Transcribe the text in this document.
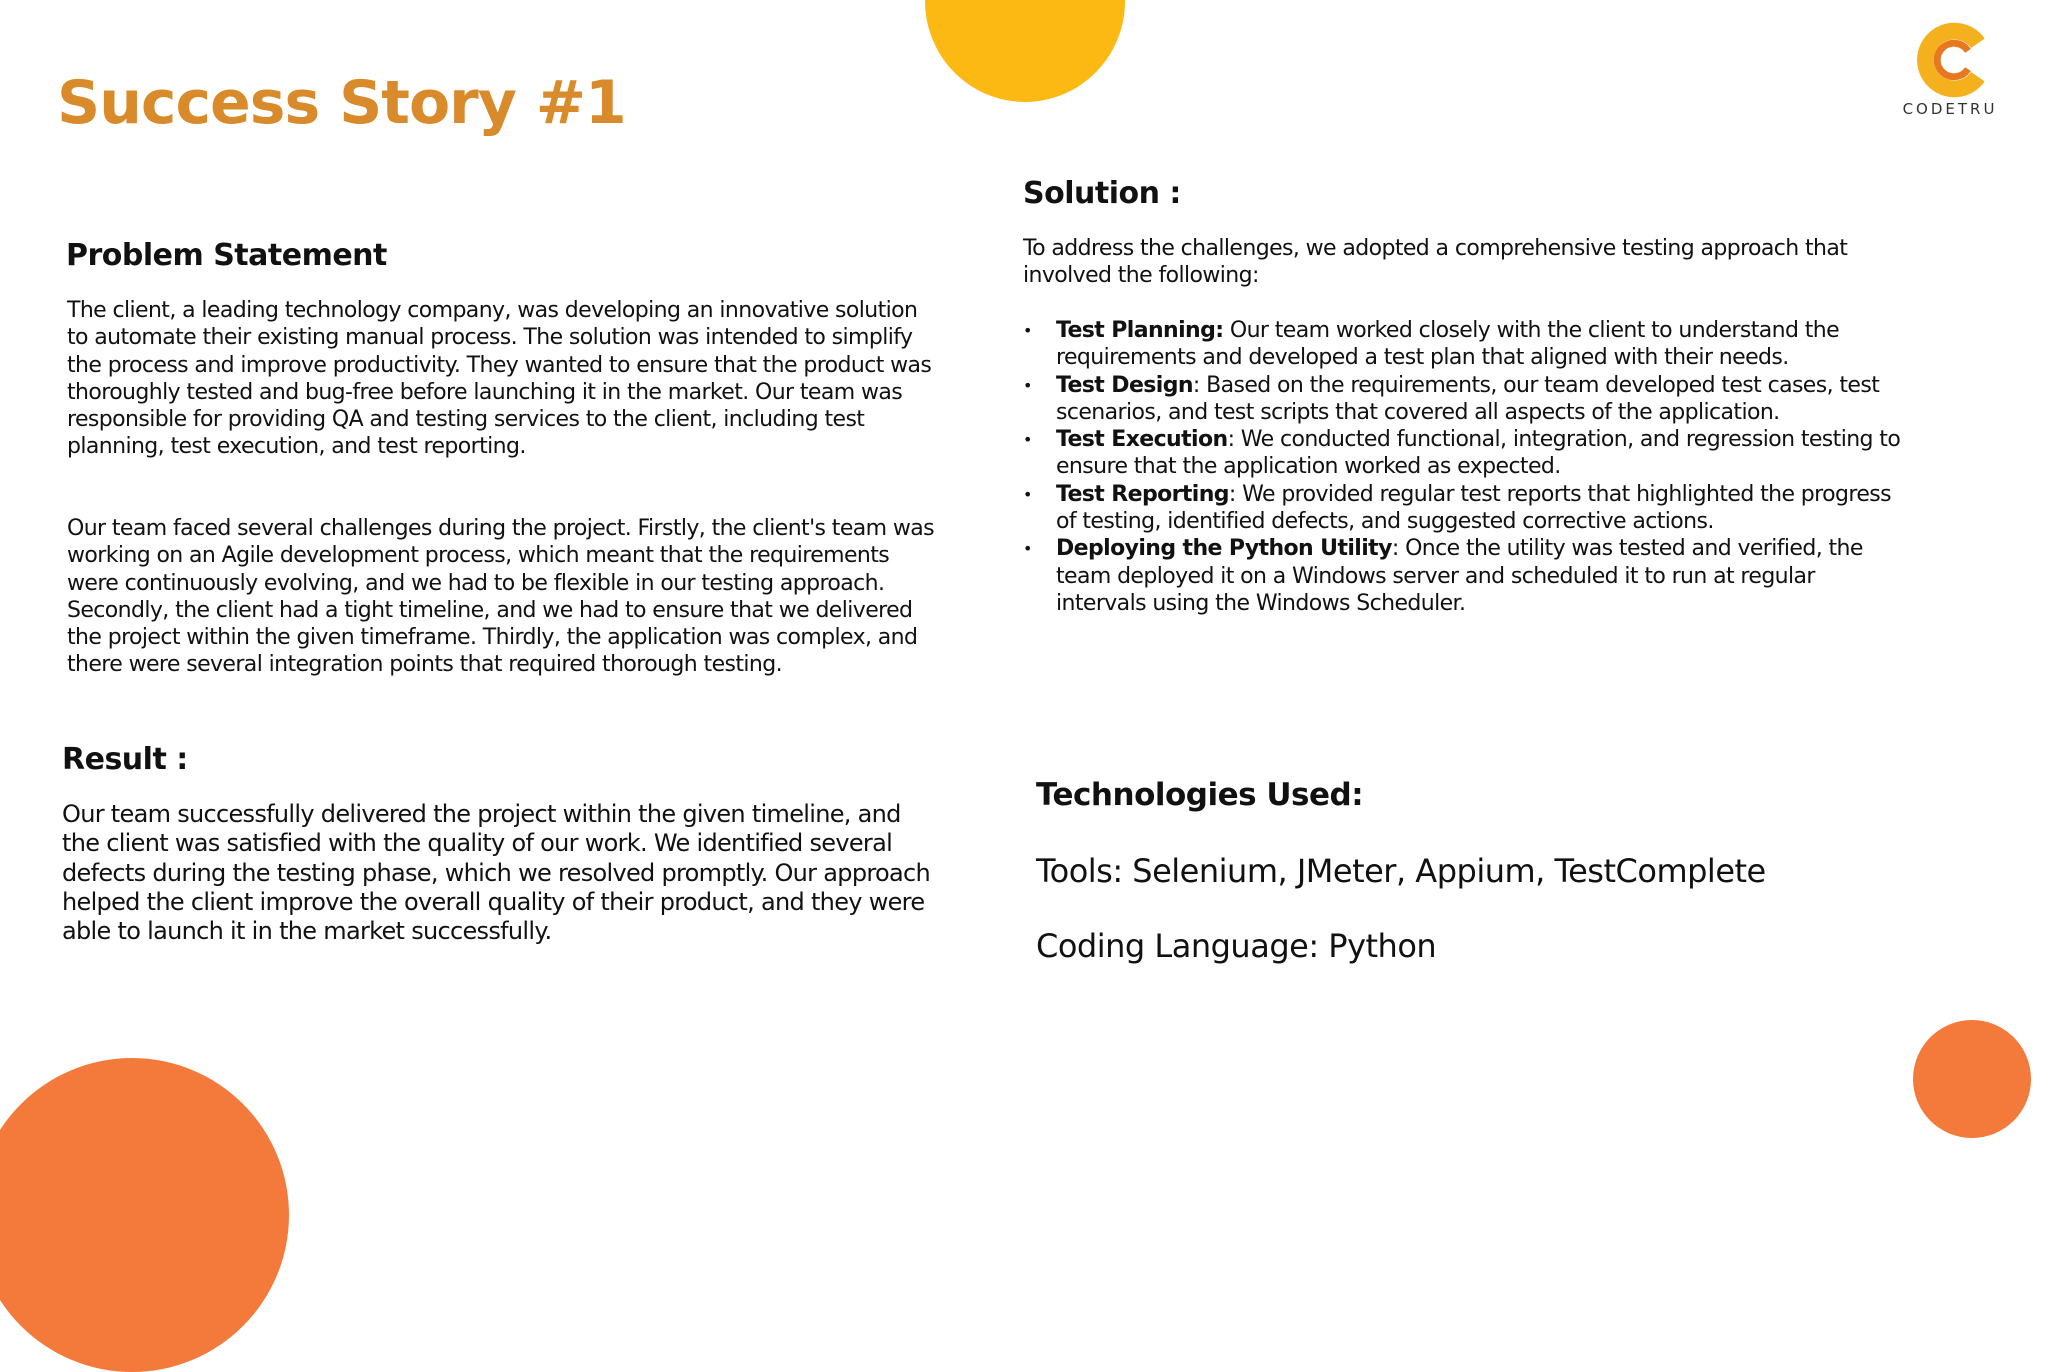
Success Story #1	CODETRU
Problem Statement

The client, a leading technology company, was developing an innovative solution to automate their existing manual process. The solution was intended to simplify the process and improve productivity. They wanted to ensure that the product was thoroughly tested and bug-free before launching it in the market. Our team was responsible for providing QA and testing services to the client, including test planning, test execution, and test reporting.

Our team faced several challenges during the project. Firstly, the client's team was working on an Agile development process, which meant that the requirements were continuously evolving, and we had to be flexible in our testing approach. Secondly, the client had a tight timeline, and we had to ensure that we delivered the project within the given timeframe. Thirdly, the application was complex, and there were several integration points that required thorough testing.

Result :

Our team successfully delivered the project within the given timeline, and the client was satisfied with the quality of our work. We identified several defects during the testing phase, which we resolved promptly. Our approach helped the client improve the overall quality of their product, and they were able to launch it in the market successfully.

Solution :

To address the challenges, we adopted a comprehensive testing approach that involved the following:

• Test Planning: Our team worked closely with the client to understand the requirements and developed a test plan that aligned with their needs.
• Test Design: Based on the requirements, our team developed test cases, test scenarios, and test scripts that covered all aspects of the application.
• Test Execution: We conducted functional, integration, and regression testing to ensure that the application worked as expected.
• Test Reporting: We provided regular test reports that highlighted the progress of testing, identified defects, and suggested corrective actions.
• Deploying the Python Utility: Once the utility was tested and verified, the team deployed it on a Windows server and scheduled it to run at regular intervals using the Windows Scheduler.
Technologies Used:

Tools: Selenium, JMeter, Appium, TestComplete

Coding Language: Python
